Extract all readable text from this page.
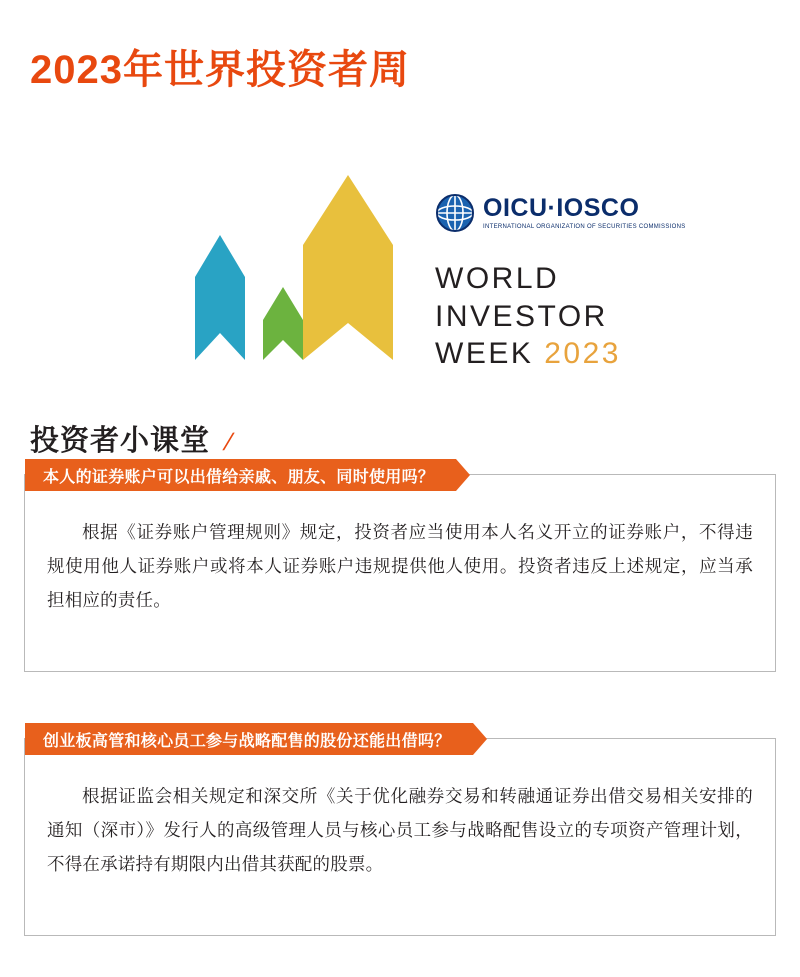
2023年世界投资者周
OICU·IOSCO
INTERNATIONAL ORGANIZATION OF SECURITIES COMMISSIONS
WORLD
INVESTOR
WEEK 2023
投资者小课堂 /
本人的证券账户可以出借给亲戚、朋友、同时使用吗？
根据《证券账户管理规则》规定，投资者应当使用本人名义开立的证券账户，不得违规使用他人证券账户或将本人证券账户违规提供他人使用。投资者违反上述规定，应当承担相应的责任。
创业板高管和核心员工参与战略配售的股份还能出借吗？
根据证监会相关规定和深交所《关于优化融券交易和转融通证券出借交易相关安排的通知（深市）》发行人的高级管理人员与核心员工参与战略配售设立的专项资产管理计划，不得在承诺持有期限内出借其获配的股票。
